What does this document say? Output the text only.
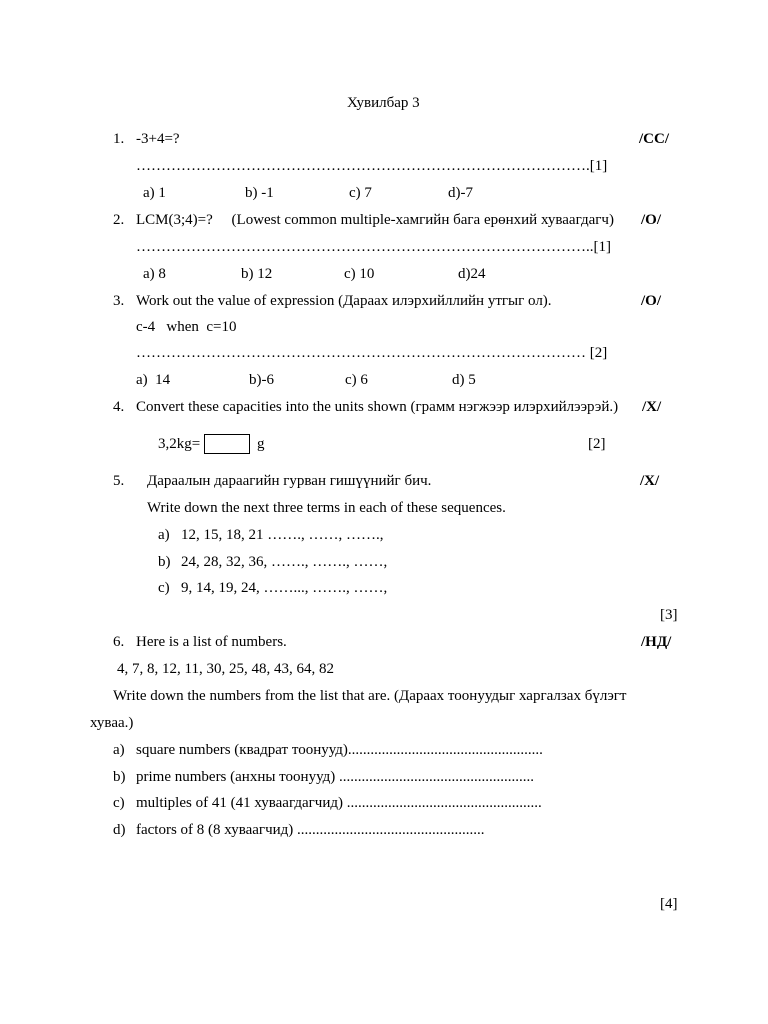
Хувилбар 3
1. -3+4=?	/CC/
……………………………………………………………………………….[1]
a) 1	b) -1	c) 7	d)-7
2. LCM(3;4)=?     (Lowest common multiple-хамгийн бага ерөнхий хуваагдагч) /O/
………………………………………………………………………………..[1]
a) 8	b) 12	c) 10	d)24
3. Work out the value of expression (Дараах илэрхийллийн утгыг ол).	/O/
c-4   when  c=10
……………………………………………………………………………… [2]
a)  14	b)-6	c) 6	d) 5
4. Convert these capacities into the units shown (грамм нэгжээр илэрхийлээрэй.) /X/
3,2kg=	g	[2]
5. Дараалын дараагийн гурван гишүүнийг бич.	/X/
Write down the next three terms in each of these sequences.
a) 12, 15, 18, 21 ……., ……, …….,
b) 24, 28, 32, 36, ……., ……., ……,
c) 9, 14, 19, 24, ……..., ……., ……,
[3]
6. Here is a list of numbers.	/НД/
4, 7, 8, 12, 11, 30, 25, 48, 43, 64, 82
Write down the numbers from the list that are. (Дараах тоонуудыг харгалзах бүлэгт
хуваа.)
a) square numbers (квадрат тоонууд)....................................................
b) prime numbers (анхны тоонууд) ....................................................
c) multiples of 41 (41 хуваагдагчид) ....................................................
d) factors of 8 (8 хуваагчид) ..................................................
[4]
